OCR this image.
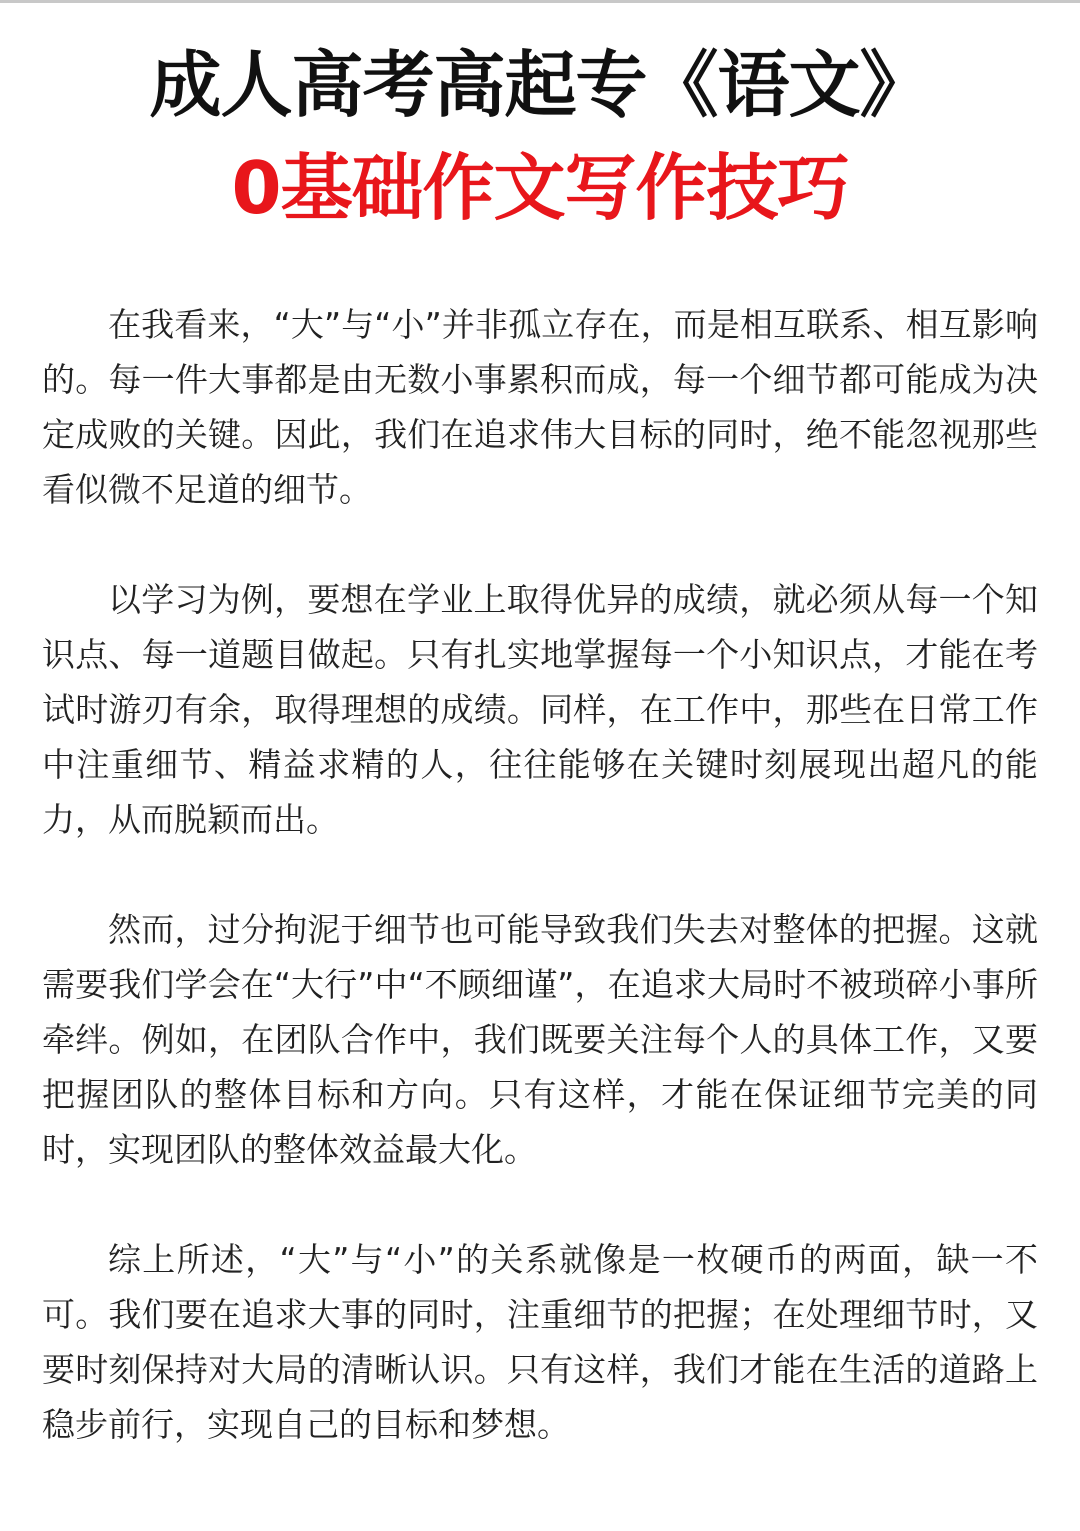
成人高考高起专《语文》
0基础作文写作技巧

在我看来，“大”与“小”并非孤立存在，而是相互联系、相互影响的。每一件大事都是由无数小事累积而成，每一个细节都可能成为决定成败的关键。因此，我们在追求伟大目标的同时，绝不能忽视那些看似微不足道的细节。

以学习为例，要想在学业上取得优异的成绩，就必须从每一个知识点、每一道题目做起。只有扎实地掌握每一个小知识点，才能在考试时游刃有余，取得理想的成绩。同样，在工作中，那些在日常工作中注重细节、精益求精的人，往往能够在关键时刻展现出超凡的能力，从而脱颖而出。

然而，过分拘泥于细节也可能导致我们失去对整体的把握。这就需要我们学会在“大行”中“不顾细谨”，在追求大局时不被琐碎小事所牵绊。例如，在团队合作中，我们既要关注每个人的具体工作，又要把握团队的整体目标和方向。只有这样，才能在保证细节完美的同时，实现团队的整体效益最大化。

综上所述，“大”与“小”的关系就像是一枚硬币的两面，缺一不可。我们要在追求大事的同时，注重细节的把握；在处理细节时，又要时刻保持对大局的清晰认识。只有这样，我们才能在生活的道路上稳步前行，实现自己的目标和梦想。
